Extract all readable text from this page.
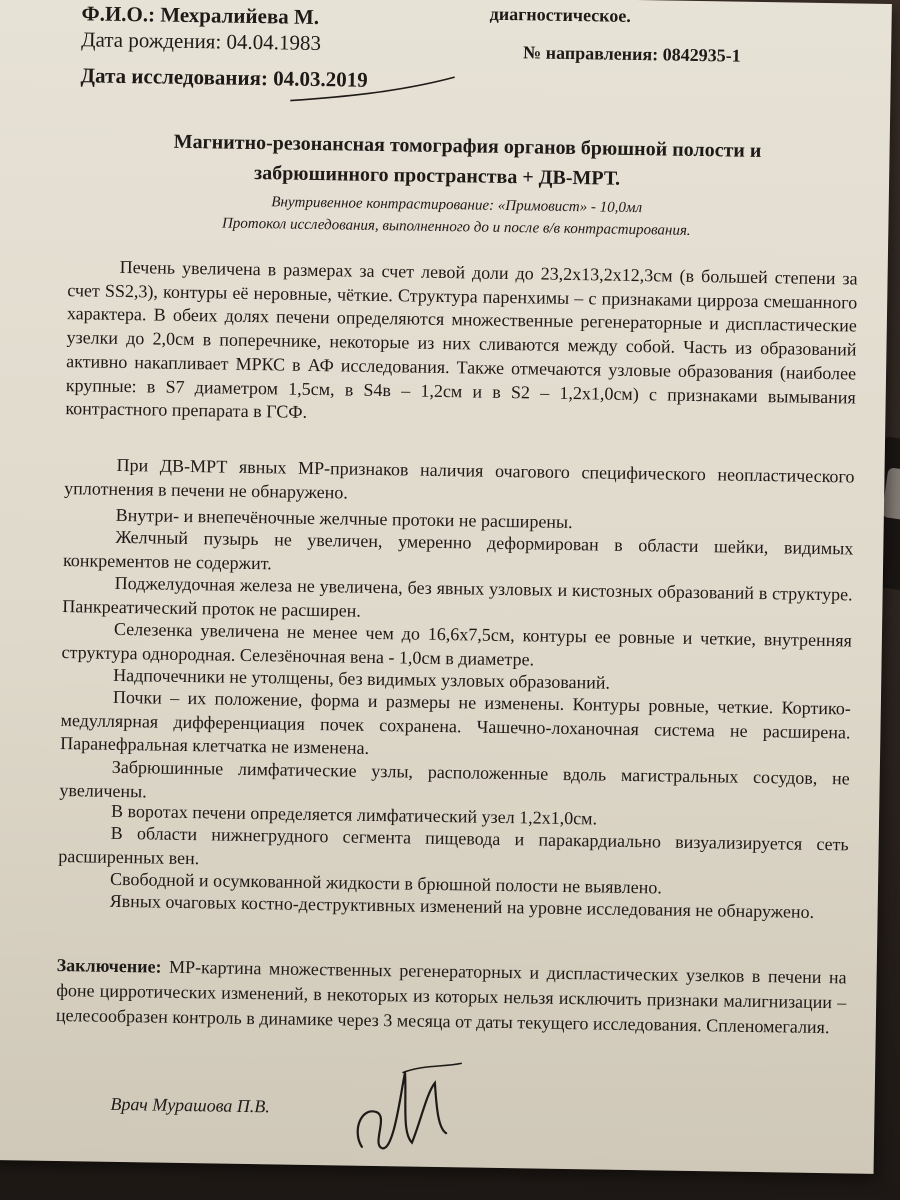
диагностическое.
Ф.И.О.: Мехралийева М.
Дата рождения: 04.04.1983	№ направления: 0842935-1
Дата исследования: 04.03.2019
Магнитно-резонансная томография органов брюшной полости и
забрюшинного пространства + ДВ-МРТ.
Внутривенное контрастирование: «Примовист» - 10,0мл
Протокол исследования, выполненного до и после в/в контрастирования.
Печень увеличена в размерах за счет левой доли до 23,2х13,2х12,3см (в большей степени за счет SS2,3), контуры её неровные, чёткие. Структура паренхимы – с признаками цирроза смешанного характера. В обеих долях печени определяются множественные регенераторные и диспластические узелки до 2,0см в поперечнике, некоторые из них сливаются между собой. Часть из образований активно накапливает МРКС в АФ исследования. Также отмечаются узловые образования (наиболее крупные: в S7 диаметром 1,5см, в S4в – 1,2см и в S2 – 1,2х1,0см) с признаками вымывания контрастного препарата в ГСФ.
При ДВ-МРТ явных МР-признаков наличия очагового специфического неопластического уплотнения в печени не обнаружено.
Внутри- и внепечёночные желчные протоки не расширены.
Желчный пузырь не увеличен, умеренно деформирован в области шейки, видимых конкрементов не содержит.
Поджелудочная железа не увеличена, без явных узловых и кистозных образований в структуре. Панкреатический проток не расширен.
Селезенка увеличена не менее чем до 16,6х7,5см, контуры ее ровные и четкие, внутренняя структура однородная. Селезёночная вена - 1,0см в диаметре.
Надпочечники не утолщены, без видимых узловых образований.
Почки – их положение, форма и размеры не изменены. Контуры ровные, четкие. Кортико-медуллярная дифференциация почек сохранена. Чашечно-лоханочная система не расширена. Паранефральная клетчатка не изменена.
Забрюшинные лимфатические узлы, расположенные вдоль магистральных сосудов, не увеличены.
В воротах печени определяется лимфатический узел 1,2х1,0см.
В области нижнегрудного сегмента пищевода и паракардиально визуализируется сеть расширенных вен.
Свободной и осумкованной жидкости в брюшной полости не выявлено.
Явных очаговых костно-деструктивных изменений на уровне исследования не обнаружено.
Заключение: МР-картина множественных регенераторных и диспластических узелков в печени на фоне цирротических изменений, в некоторых из которых нельзя исключить признаки малигнизации – целесообразен контроль в динамике через 3 месяца от даты текущего исследования. Спленомегалия.
Врач Мурашова П.В.
